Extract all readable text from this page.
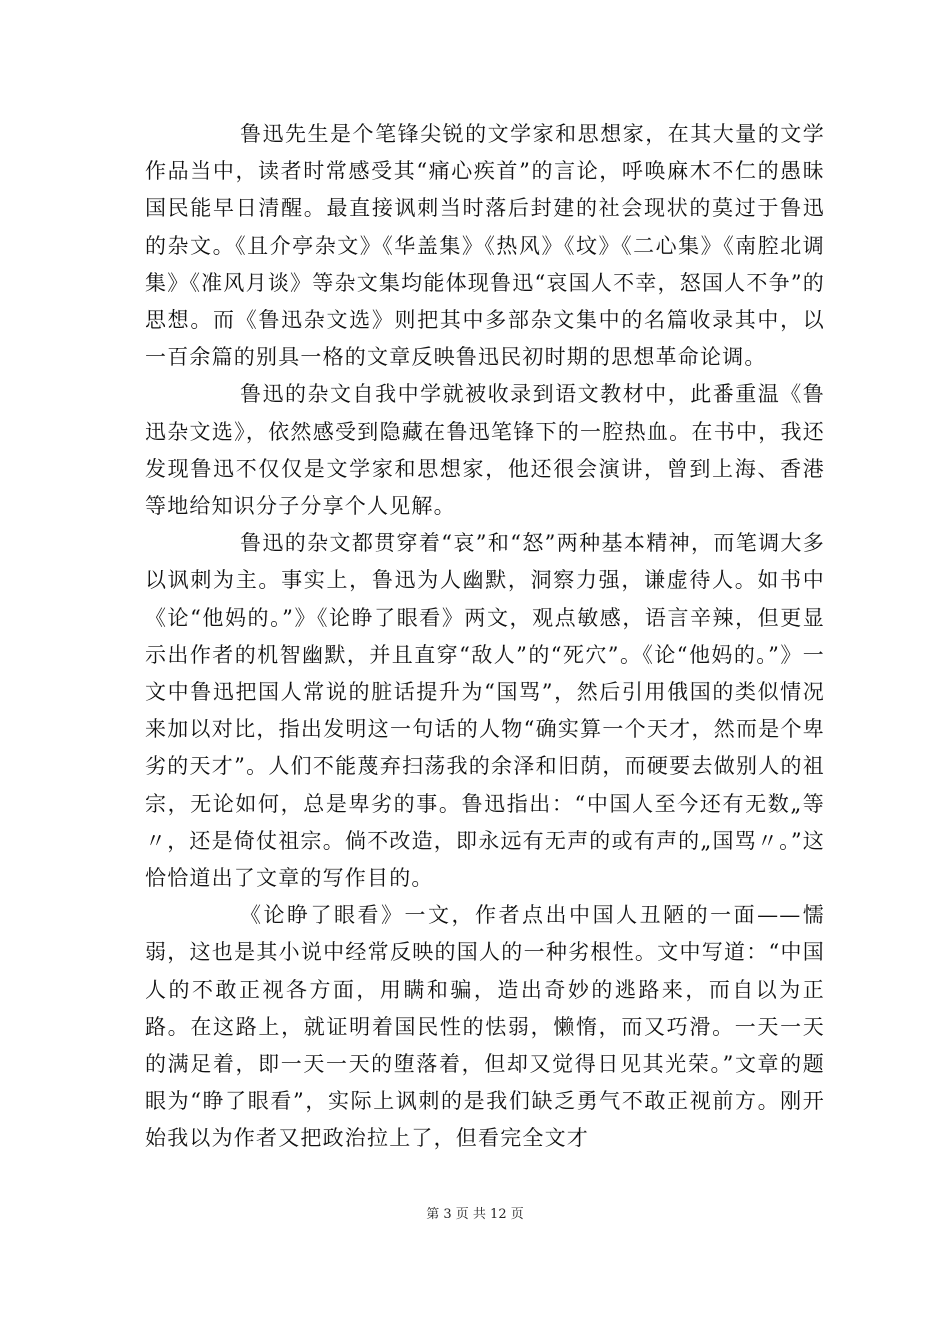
鲁迅先生是个笔锋尖锐的文学家和思想家，在其大量的文学作品当中，读者时常感受其“痛心疾首”的言论，呼唤麻木不仁的愚昧国民能早日清醒。最直接讽刺当时落后封建的社会现状的莫过于鲁迅的杂文。《且介亭杂文》《华盖集》《热风》《坟》《二心集》《南腔北调集》《准风月谈》等杂文集均能体现鲁迅“哀国人不幸，怒国人不争”的思想。而《鲁迅杂文选》则把其中多部杂文集中的名篇收录其中，以一百余篇的别具一格的文章反映鲁迅民初时期的思想革命论调。

鲁迅的杂文自我中学就被收录到语文教材中，此番重温《鲁迅杂文选》，依然感受到隐藏在鲁迅笔锋下的一腔热血。在书中，我还发现鲁迅不仅仅是文学家和思想家，他还很会演讲，曾到上海、香港等地给知识分子分享个人见解。

鲁迅的杂文都贯穿着“哀”和“怒”两种基本精神，而笔调大多以讽刺为主。事实上，鲁迅为人幽默，洞察力强，谦虚待人。如书中《论“他妈的。”》《论睁了眼看》两文，观点敏感，语言辛辣，但更显示出作者的机智幽默，并且直穿“敌人”的“死穴”。《论“他妈的。”》一文中鲁迅把国人常说的脏话提升为“国骂”，然后引用俄国的类似情况来加以对比，指出发明这一句话的人物“确实算一个天才，然而是个卑劣的天才”。人们不能蔑弃扫荡我的余泽和旧荫，而硬要去做别人的祖宗，无论如何，总是卑劣的事。鲁迅指出：“中国人至今还有无数„等〃，还是倚仗祖宗。倘不改造，即永远有无声的或有声的„国骂〃。”这恰恰道出了文章的写作目的。

《论睁了眼看》一文，作者点出中国人丑陋的一面——懦弱，这也是其小说中经常反映的国人的一种劣根性。文中写道：“中国人的不敢正视各方面，用瞒和骗，造出奇妙的逃路来，而自以为正路。在这路上，就证明着国民性的怯弱，懒惰，而又巧滑。一天一天的满足着，即一天一天的堕落着，但却又觉得日见其光荣。”文章的题眼为“睁了眼看”，实际上讽刺的是我们缺乏勇气不敢正视前方。刚开始我以为作者又把政治拉上了，但看完全文才

第 3 页 共 12 页
